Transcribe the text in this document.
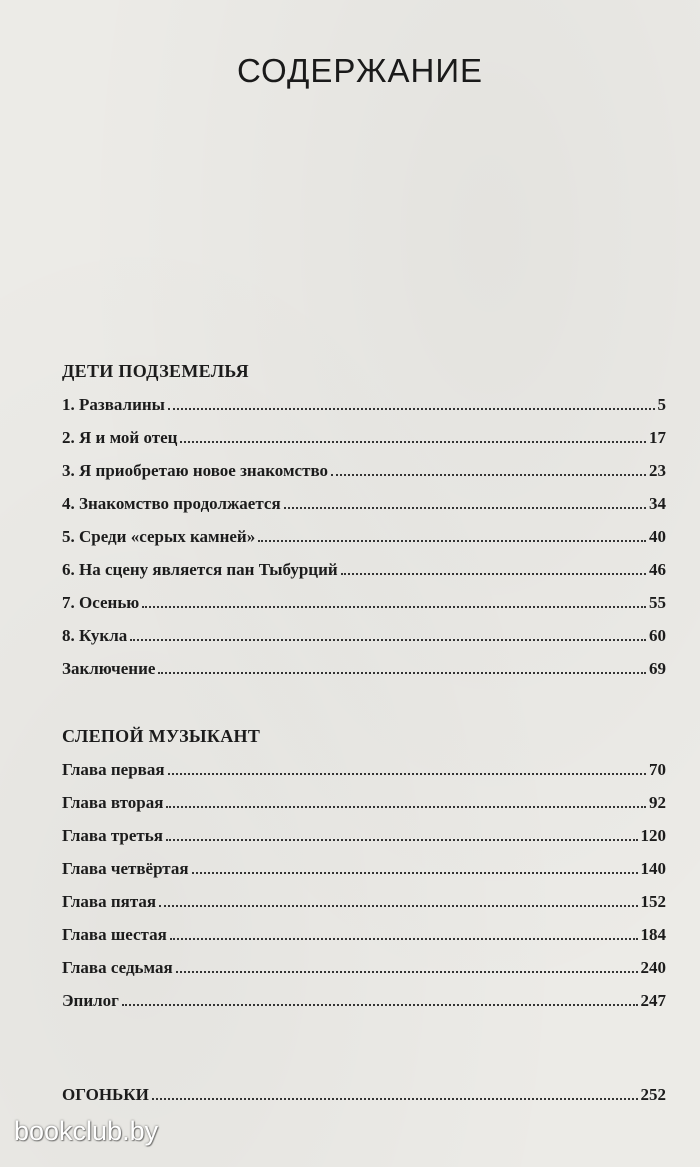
СОДЕРЖАНИЕ
ДЕТИ ПОДЗЕМЕЛЬЯ
1. Развалины	5
2. Я и мой отец	17
3. Я приобретаю новое знакомство	23
4. Знакомство продолжается	34
5. Среди «серых камней»	40
6. На сцену является пан Тыбурций	46
7. Осенью	55
8. Кукла	60
Заключение	69
СЛЕПОЙ МУЗЫКАНТ
Глава первая	70
Глава вторая	92
Глава третья	120
Глава четвёртая	140
Глава пятая	152
Глава шестая	184
Глава седьмая	240
Эпилог	247
ОГОНЬКИ	252
bookclub.by
